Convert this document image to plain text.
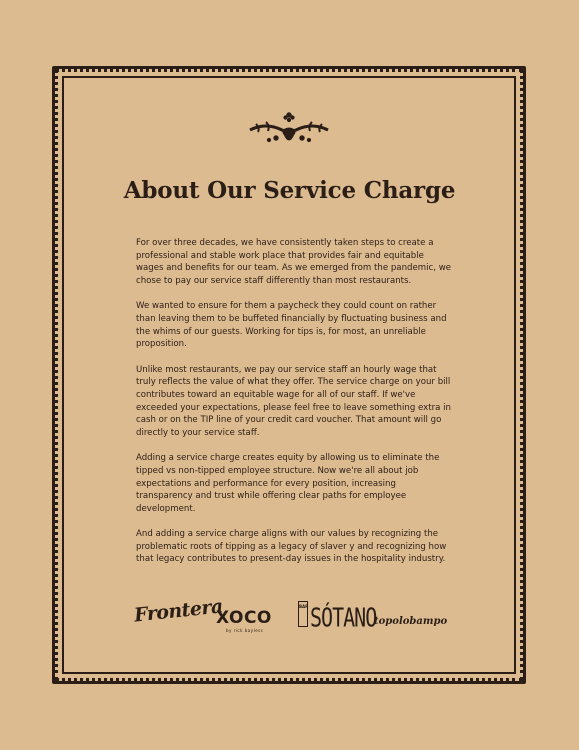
About Our Service Charge

For over three decades, we have consistently taken steps to create a professional and stable work place that provides fair and equitable wages and benefits for our team. As we emerged from the pandemic, we chose to pay our service staff differently than most restaurants.

We wanted to ensure for them a paycheck they could count on rather than leaving them to be buffeted financially by fluctuating business and the whims of our guests. Working for tips is, for most, an unreliable proposition.

Unlike most restaurants, we pay our service staff an hourly wage that truly reflects the value of what they offer. The service charge on your bill contributes toward an equitable wage for all of our staff. If we've exceeded your expectations, please feel free to leave something extra in cash or on the TIP line of your credit card voucher. That amount will go directly to your service staff.

Adding a service charge creates equity by allowing us to eliminate the tipped vs non-tipped employee structure. Now we're all about job expectations and performance for every position, increasing transparency and trust while offering clear paths for employee development.

And adding a service charge aligns with our values by recognizing the problematic roots of tipping as a legacy of slaver y and recognizing how that legacy contributes to present-day issues in the hospitality industry.

Frontera
XOCO
by rick bayless
BAR SÓTANO
topolobampo
